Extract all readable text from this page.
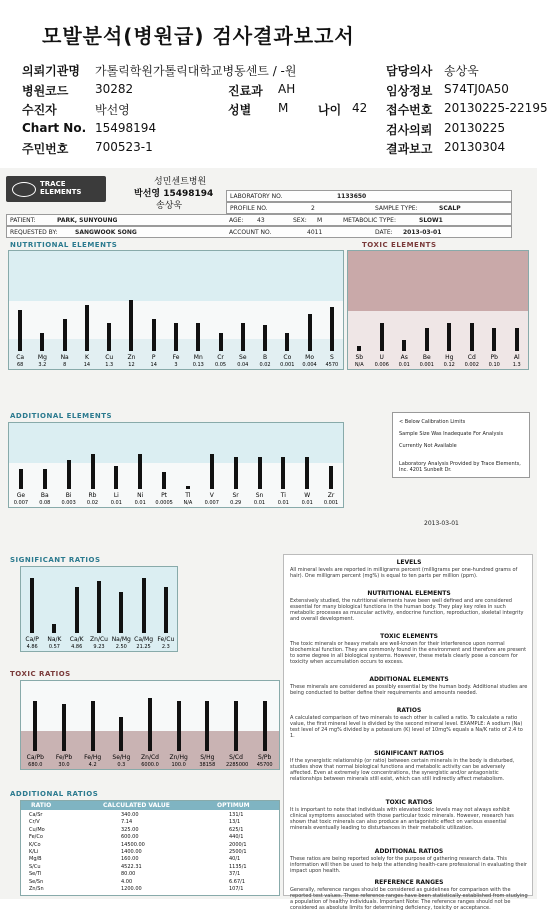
모발분석(병원급) 검사결과보고서
의뢰기관명 가톨릭학원가톨릭대학교병동센트 / -원	담당의사 송상욱
병원코드 30282	진료과 AH	임상정보 S74TJ0A50
수진자	박선영	성별 M 나이 42 접수번호 20130225-22195
Chart No. 15498194	검사의뢰 20130225
주민번호 700523-1	결과보고 20130304
TRACE ELEMENTS
성민센트병원
박선영 15498194
송상욱
LABORATORY NO.	1133650
PROFILE NO.	2	SAMPLE TYPE:	SCALP
PATIENT:	PARK, SUNYOUNG	AGE: 43	SEX: M	METABOLIC TYPE:	SLOW1
REQUESTED BY:	SANGWOOK SONG	ACCOUNT NO.	4011	DATE: 2013-03-01
NUTRITIONAL ELEMENTS
Ca
68
Mg
3.2
Na
8
K
14
Cu
1.3
Zn
12
P
14
Fe
3
Mn
0.13
Cr
0.05
Se
0.04
B
0.02
Co
0.001
Mo
0.004
S
4570
TOXIC ELEMENTS
Sb
N/A
U
0.006
As
0.01
Be
0.001
Hg
0.12
Cd
0.002
Pb
0.10
Al
1.3
ADDITIONAL ELEMENTS
Ge
0.007
Ba
0.08
Bi
0.003
Rb
0.02
Li
0.01
Ni
0.01
Pt
0.0005
Tl
N/A
V
0.007
Sr
0.29
Sn
0.01
Ti
0.01
W
0.01
Zr
0.001
< Below Calibration Limits
Sample Size Was Inadequate For Analysis
Currently Not Available
Laboratory Analysis Provided by Trace Elements, Inc. 4201 Sunbelt Dr.
2013-03-01
SIGNIFICANT RATIOS
Ca/P
4.86
Na/K
0.57
Ca/K
4.86
Zn/Cu
9.23
Na/Mg
2.50
Ca/Mg
21.25
Fe/Cu
2.3
TOXIC RATIOS
Ca/Pb
680.0
Fe/Pb
30.0
Fe/Hg
4.2
Se/Hg
0.3
Zn/Cd
6000.0
Zn/Hg
100.0
S/Hg
38158
S/Cd
2285000
S/Pb
45700
ADDITIONAL RATIOS
RATIO	CALCULATED VALUE	OPTIMUM
Ca/Sr	340.00	131/1
Cr/V	7.14	13/1
Cu/Mo	325.00	625/1
Fe/Co	600.00	440/1
K/Co	14500.00	2000/1
K/Li	1400.00	2500/1
Mg/B	160.00	40/1
S/Cu	4522.31	1135/1
Se/Tl	80.00	37/1
Se/Sn	4.00	6.67/1
Zn/Sn	1200.00	107/1
LEVELS
All mineral levels are reported in milligrams percent (milligrams per one-hundred grams of hair). One milligram percent (mg%) is equal to ten parts per million (ppm).
NUTRITIONAL ELEMENTS
Extensively studied, the nutritional elements have been well defined and are considered essential for many biological functions in the human body. They play key roles in such metabolic processes as muscular activity, endocrine function, reproduction, skeletal integrity and overall development.
TOXIC ELEMENTS
The toxic minerals or heavy metals are well-known for their interference upon normal biochemical function. They are commonly found in the environment and therefore are present to some degree in all biological systems. However, these metals clearly pose a concern for toxicity when accumulation occurs to excess.
ADDITIONAL ELEMENTS
These minerals are considered as possibly essential by the human body. Additional studies are being conducted to better define their requirements and amounts needed.
RATIOS
A calculated comparison of two minerals to each other is called a ratio. To calculate a ratio value, the first mineral level is divided by the second mineral level. EXAMPLE: A sodium (Na) test level of 24 mg% divided by a potassium (K) level of 10mg% equals a Na/K ratio of 2.4 to 1.
SIGNIFICANT RATIOS
If the synergistic relationship (or ratio) between certain minerals in the body is disturbed, studies show that normal biological functions and metabolic activity can be adversely affected. Even at extremely low concentrations, the synergistic and/or antagonistic relationships between minerals still exist, which can still indirectly affect metabolism.
TOXIC RATIOS
It is important to note that individuals with elevated toxic levels may not always exhibit clinical symptoms associated with those particular toxic minerals. However, research has shown that toxic minerals can also produce an antagonistic effect on various essential minerals eventually leading to disturbances in their metabolic utilization.
ADDITIONAL RATIOS
These ratios are being reported solely for the purpose of gathering research data. This information will then be used to help the attending health-care professional in evaluating their impact upon health.
REFERENCE RANGES
Generally, reference ranges should be considered as guidelines for comparison with the reported test values. These reference ranges have been statistically established from studying a population of healthy individuals. Important Note: The reference ranges should not be considered as absolute limits for determining deficiency, toxicity or acceptance.
